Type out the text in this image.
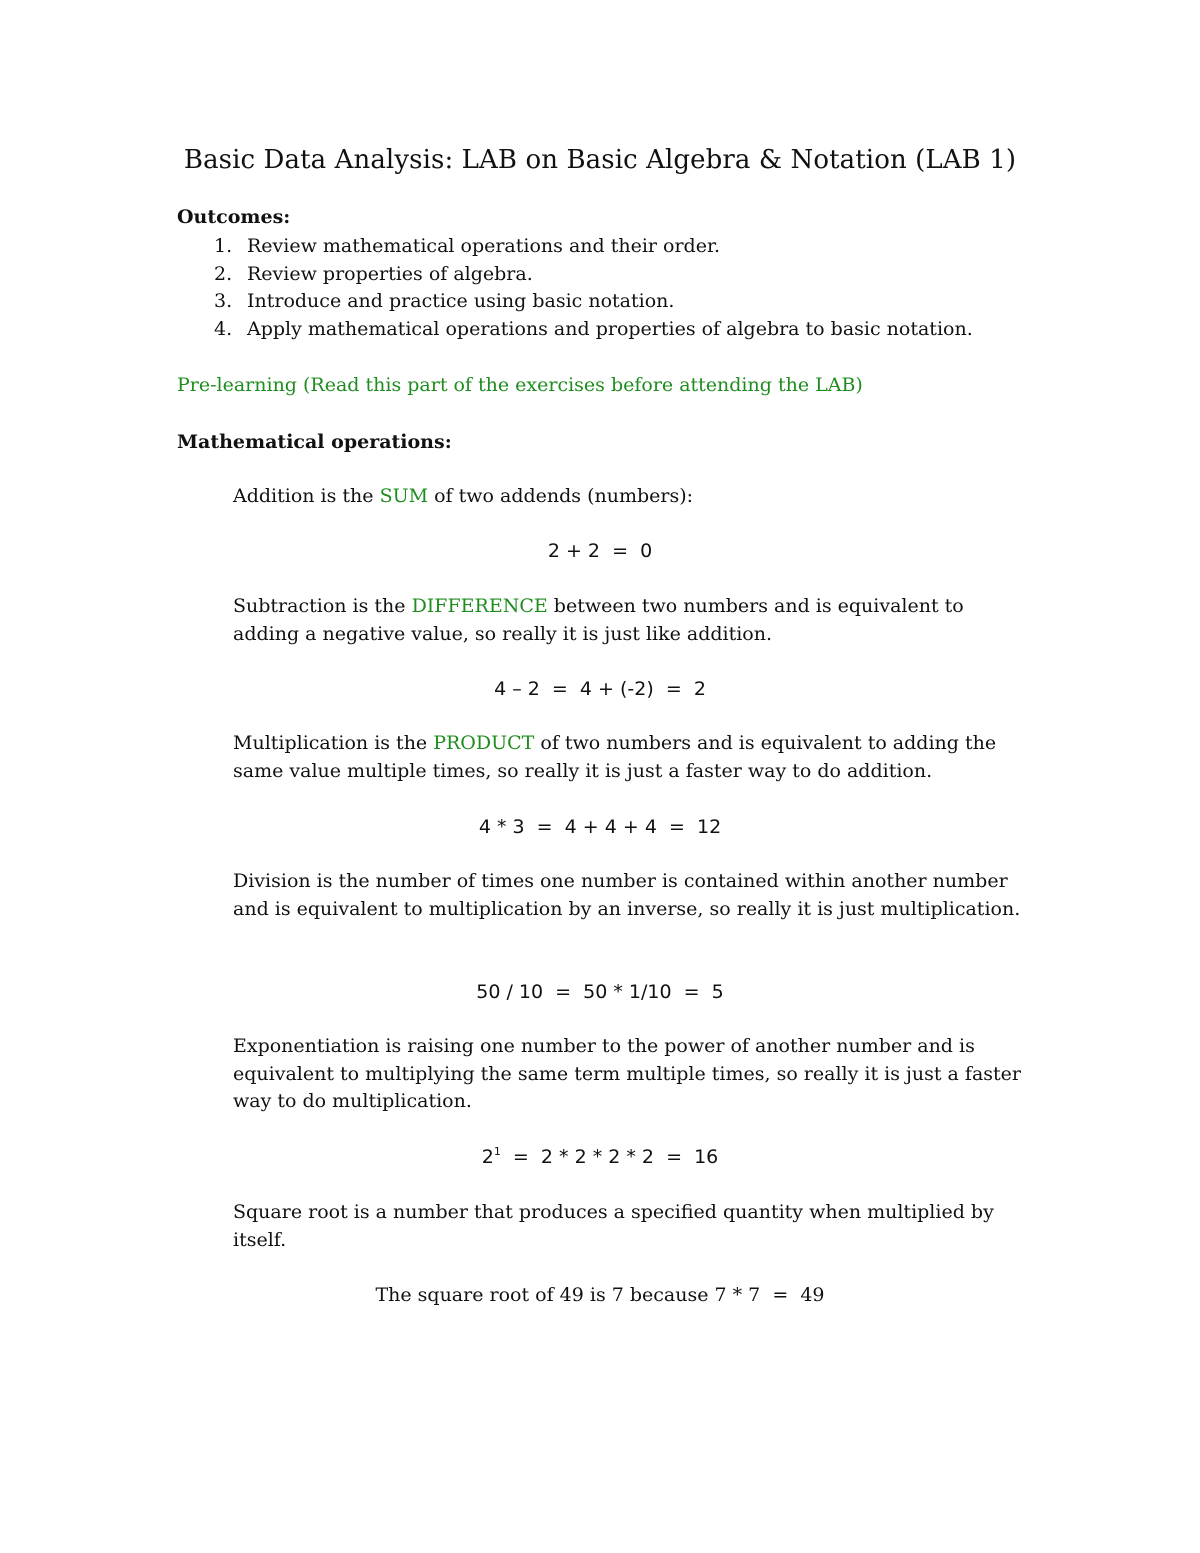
Basic Data Analysis: LAB on Basic Algebra & Notation (LAB 1)
Outcomes:
1. Review mathematical operations and their order.
2. Review properties of algebra.
3. Introduce and practice using basic notation.
4. Apply mathematical operations and properties of algebra to basic notation.
Pre-learning (Read this part of the exercises before attending the LAB)
Mathematical operations:
Addition is the SUM of two addends (numbers):
2 + 2  =  0
Subtraction is the DIFFERENCE between two numbers and is equivalent to adding a negative value, so really it is just like addition.
4 – 2  =  4 + (-2)  =  2
Multiplication is the PRODUCT of two numbers and is equivalent to adding the same value multiple times, so really it is just a faster way to do addition.
4 * 3  =  4 + 4 + 4  =  12
Division is the number of times one number is contained within another number and is equivalent to multiplication by an inverse, so really it is just multiplication.
50 / 10  =  50 * 1/10  =  5
Exponentiation is raising one number to the power of another number and is equivalent to multiplying the same term multiple times, so really it is just a faster way to do multiplication.
$2^1 = 2 * 2 * 2 * 2 = 16$
Square root is a number that produces a specified quantity when multiplied by itself.
The square root of 49 is 7 because 7 * 7  =  49
